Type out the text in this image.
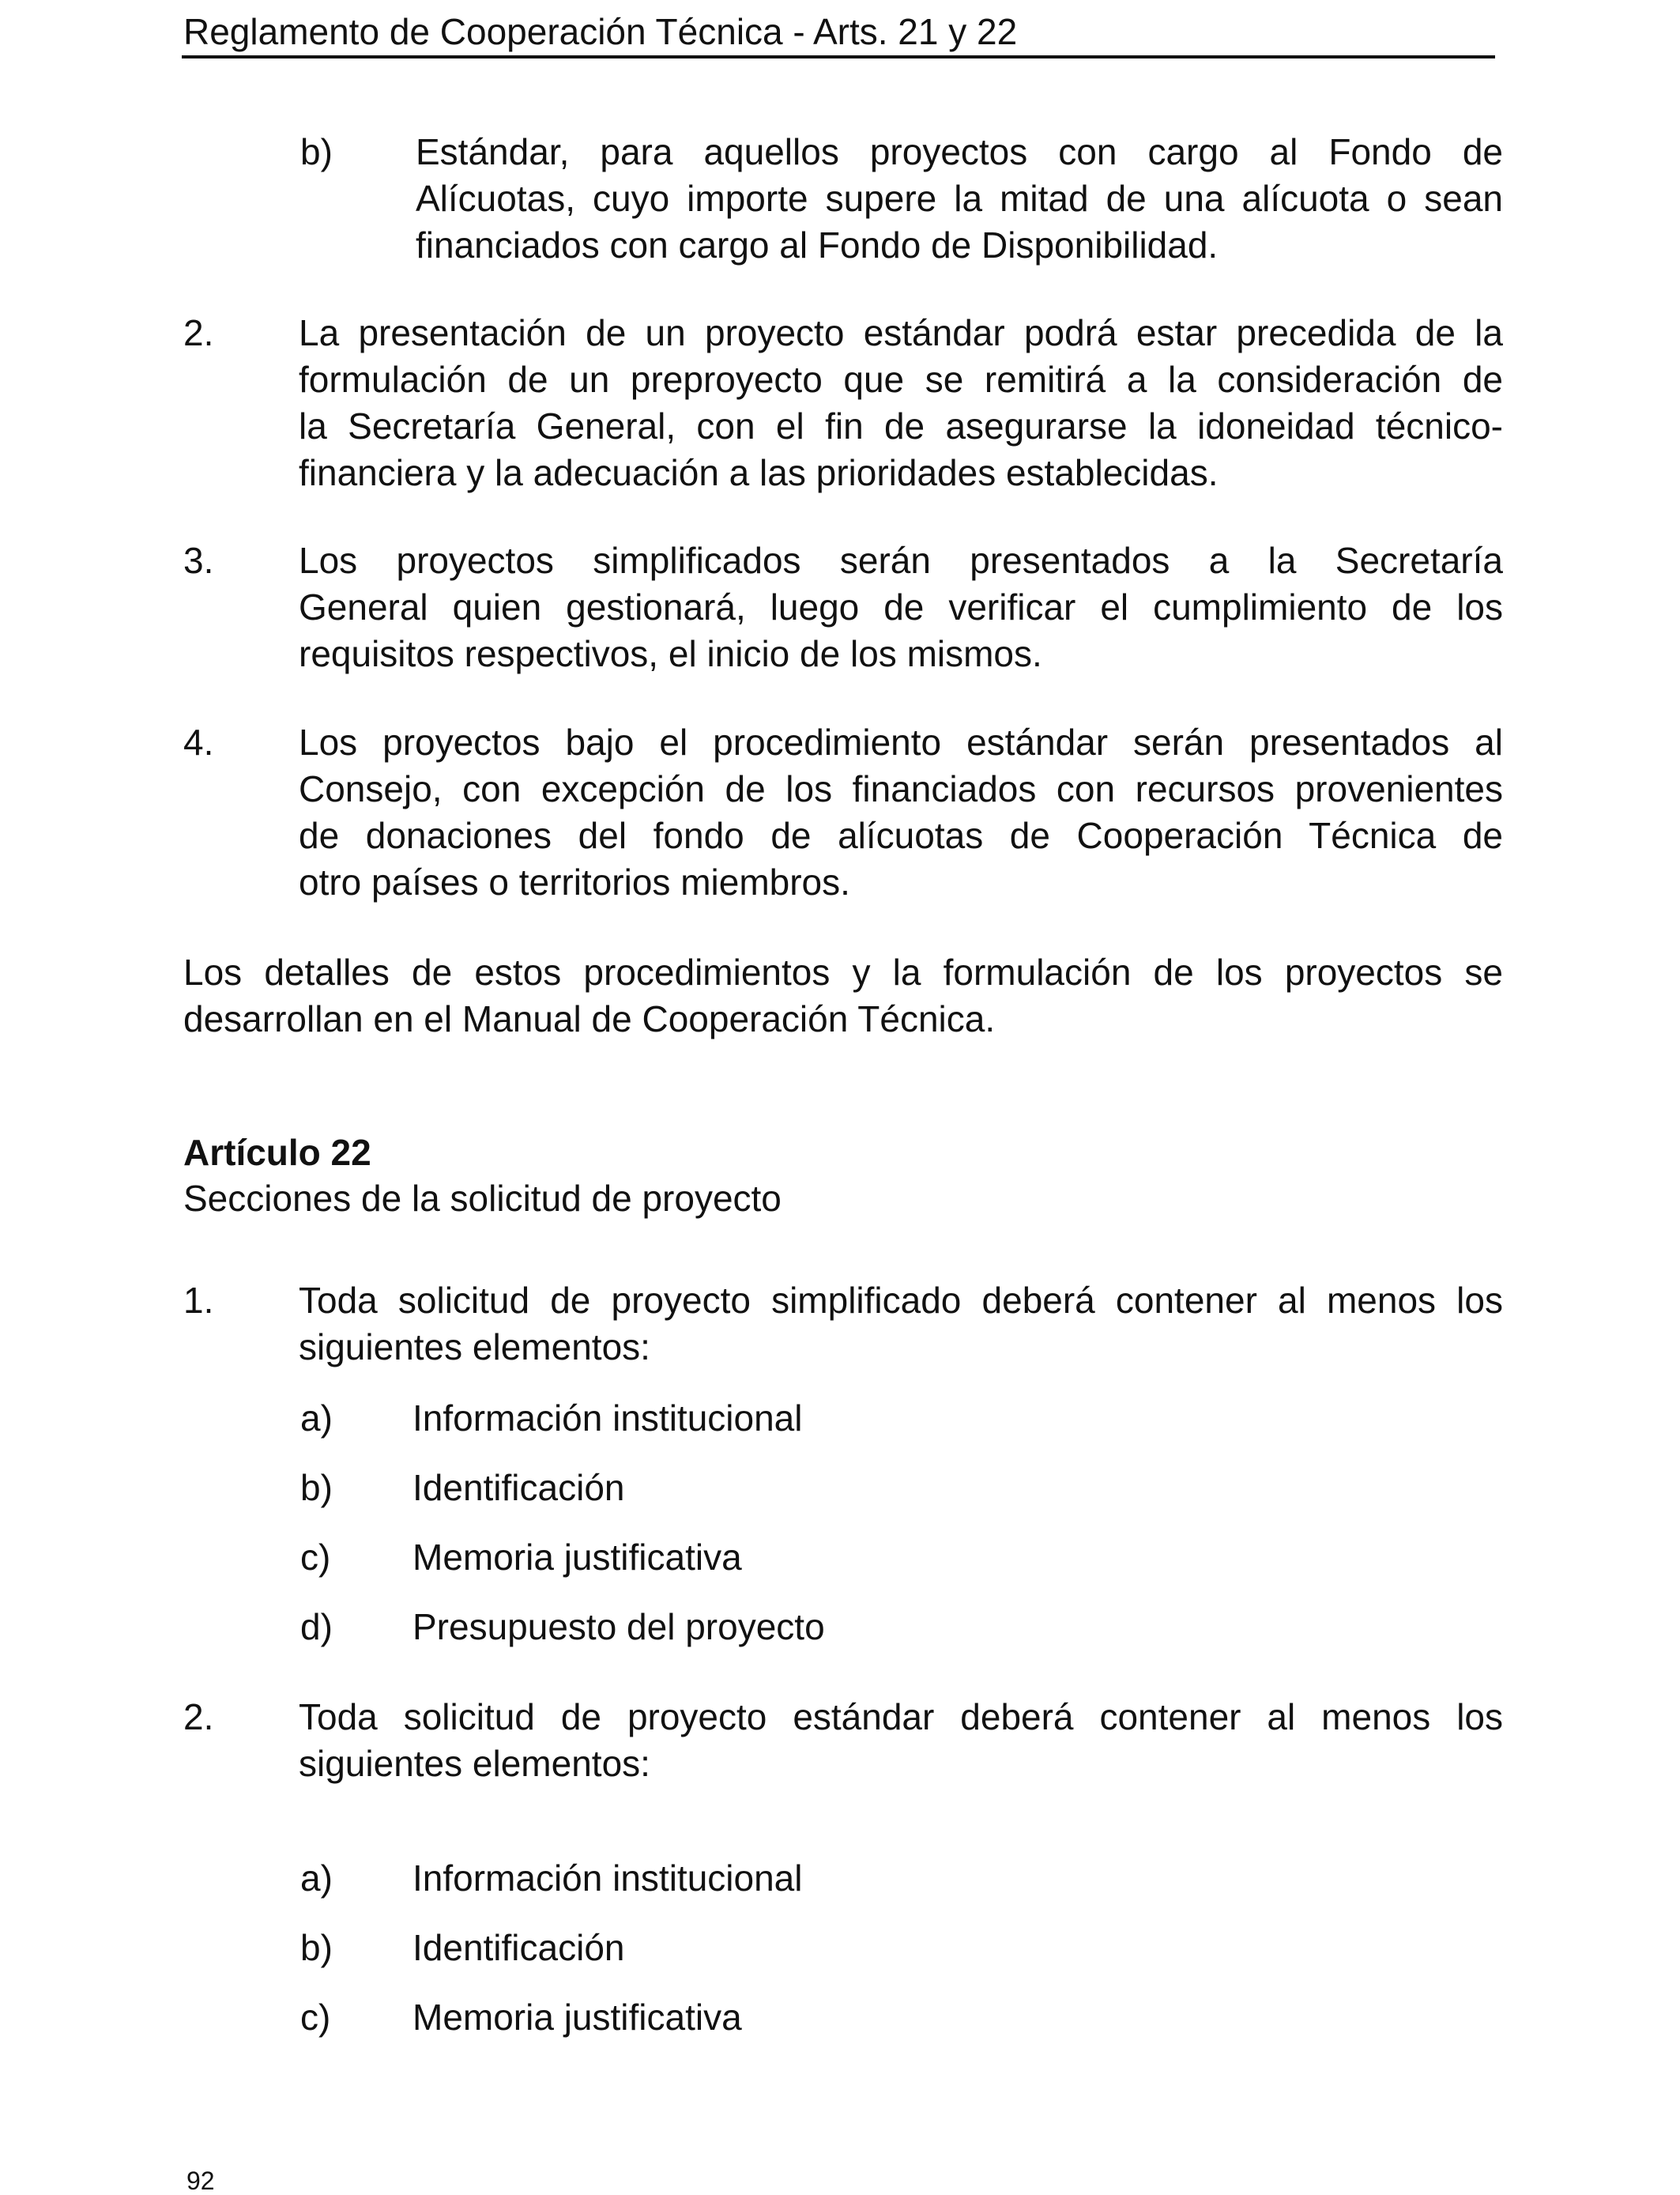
Reglamento de Cooperación Técnica - Arts. 21 y 22
b) Estándar, para aquellos proyectos con cargo al Fondo de
Alícuotas, cuyo importe supere la mitad de una alícuota o sean
financiados con cargo al Fondo de Disponibilidad.
2. La presentación de un proyecto estándar podrá estar precedida de la
formulación de un preproyecto que se remitirá a la consideración de
la Secretaría General, con el fin de asegurarse la idoneidad técnico-
financiera y la adecuación a las prioridades establecidas.
3. Los proyectos simplificados serán presentados a la Secretaría
General quien gestionará, luego de verificar el cumplimiento de los
requisitos respectivos, el inicio de los mismos.
4. Los proyectos bajo el procedimiento estándar serán presentados al
Consejo, con excepción de los financiados con recursos provenientes
de donaciones del fondo de alícuotas de Cooperación Técnica de
otro países o territorios miembros.
Los detalles de estos procedimientos y la formulación de los proyectos se desarrollan en el Manual de Cooperación Técnica.
Artículo 22
Secciones de la solicitud de proyecto
1. Toda solicitud de proyecto simplificado deberá contener al menos los
siguientes elementos:
a) Información institucional
b) Identificación
c) Memoria justificativa
d) Presupuesto del proyecto
2. Toda solicitud de proyecto estándar deberá contener al menos los
siguientes elementos:
a) Información institucional
b) Identificación
c) Memoria justificativa
92
